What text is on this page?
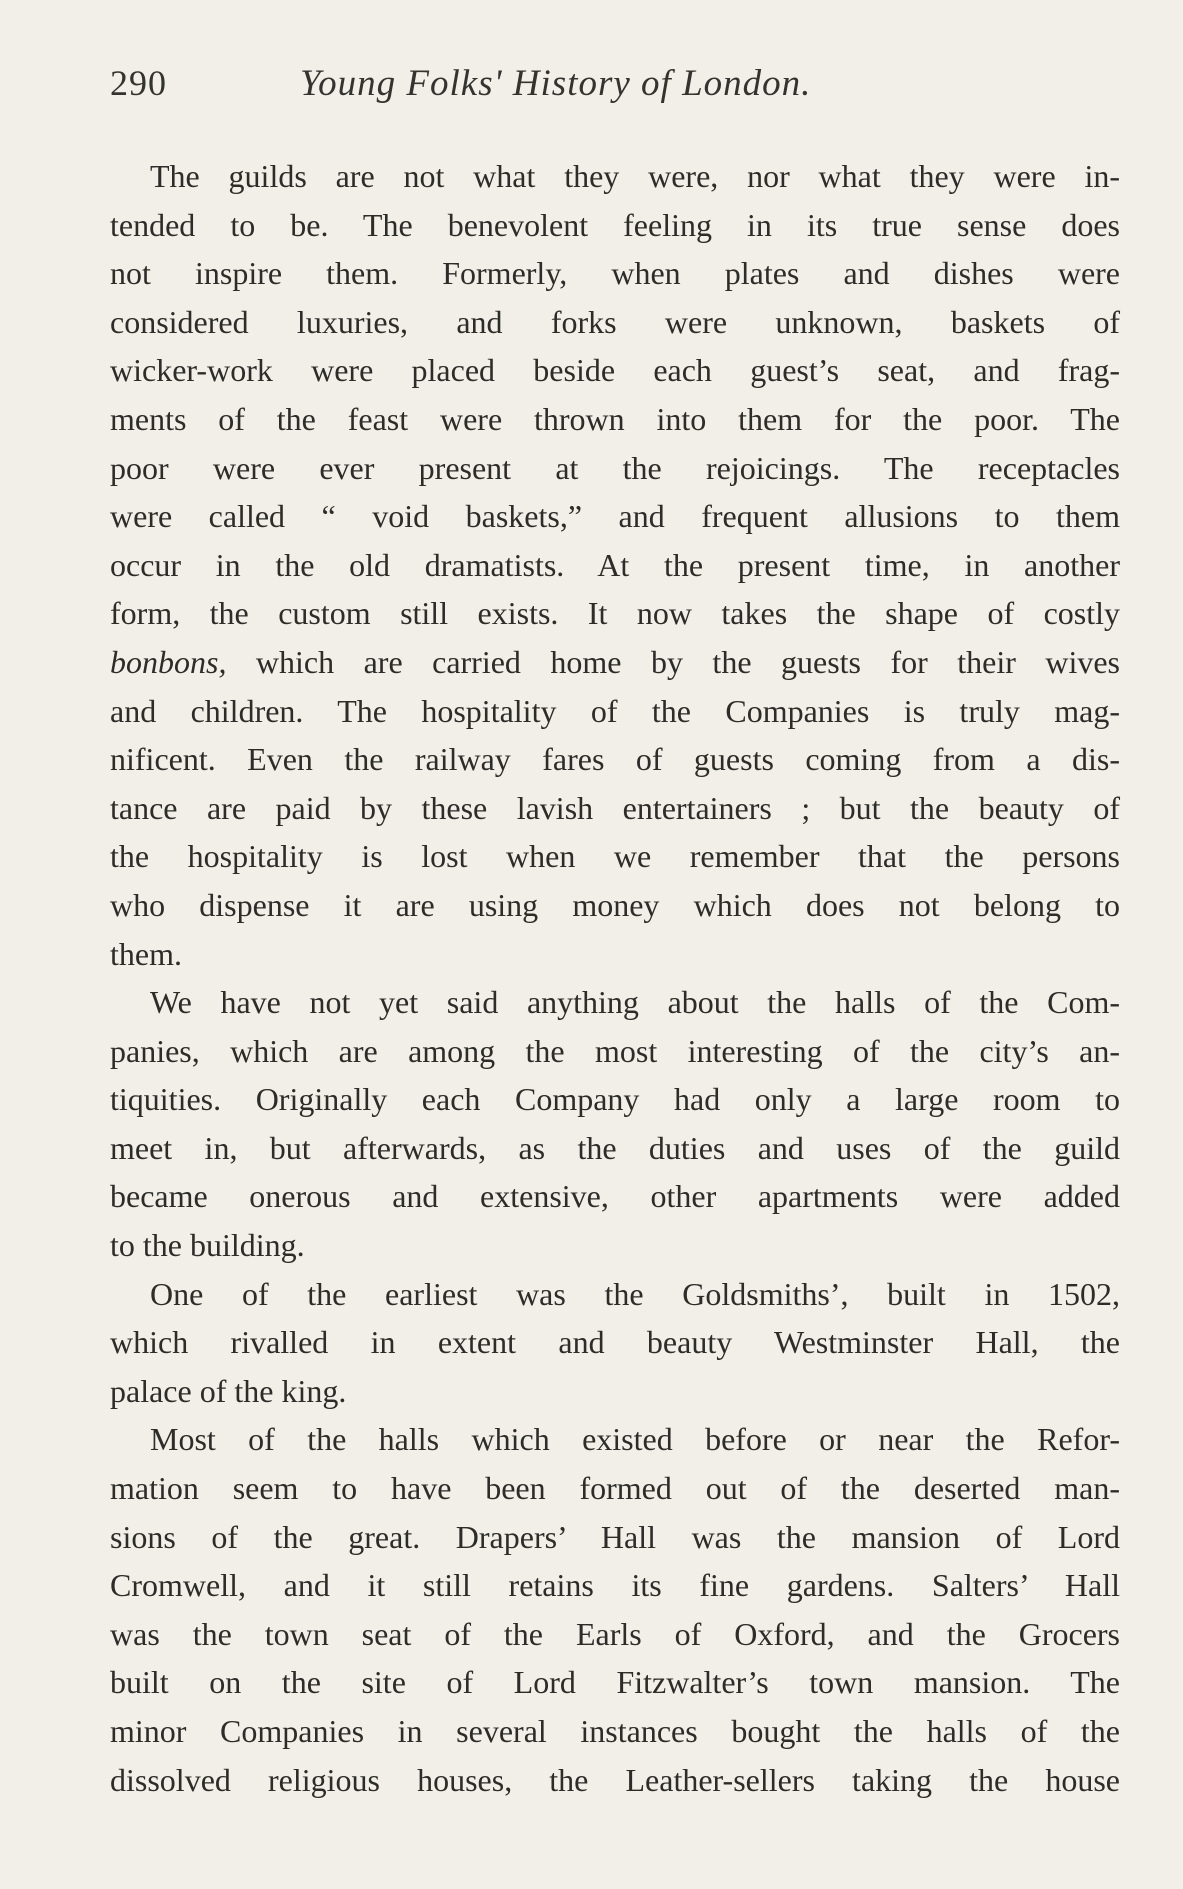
290	Young Folks' History of London.
The guilds are not what they were, nor what they were in-
tended to be. The benevolent feeling in its true sense does
not inspire them. Formerly, when plates and dishes were
considered luxuries, and forks were unknown, baskets of
wicker-work were placed beside each guest’s seat, and frag-
ments of the feast were thrown into them for the poor. The
poor were ever present at the rejoicings. The receptacles
were called “ void baskets,” and frequent allusions to them
occur in the old dramatists. At the present time, in another
form, the custom still exists. It now takes the shape of costly
bonbons, which are carried home by the guests for their wives
and children. The hospitality of the Companies is truly mag-
nificent. Even the railway fares of guests coming from a dis-
tance are paid by these lavish entertainers ; but the beauty of
the hospitality is lost when we remember that the persons
who dispense it are using money which does not belong to
them.
We have not yet said anything about the halls of the Com-
panies, which are among the most interesting of the city’s an-
tiquities. Originally each Company had only a large room to
meet in, but afterwards, as the duties and uses of the guild
became onerous and extensive, other apartments were added
to the building.
One of the earliest was the Goldsmiths’, built in 1502,
which rivalled in extent and beauty Westminster Hall, the
palace of the king.
Most of the halls which existed before or near the Refor-
mation seem to have been formed out of the deserted man-
sions of the great. Drapers’ Hall was the mansion of Lord
Cromwell, and it still retains its fine gardens. Salters’ Hall
was the town seat of the Earls of Oxford, and the Grocers
built on the site of Lord Fitzwalter’s town mansion. The
minor Companies in several instances bought the halls of the
dissolved religious houses, the Leather-sellers taking the house
